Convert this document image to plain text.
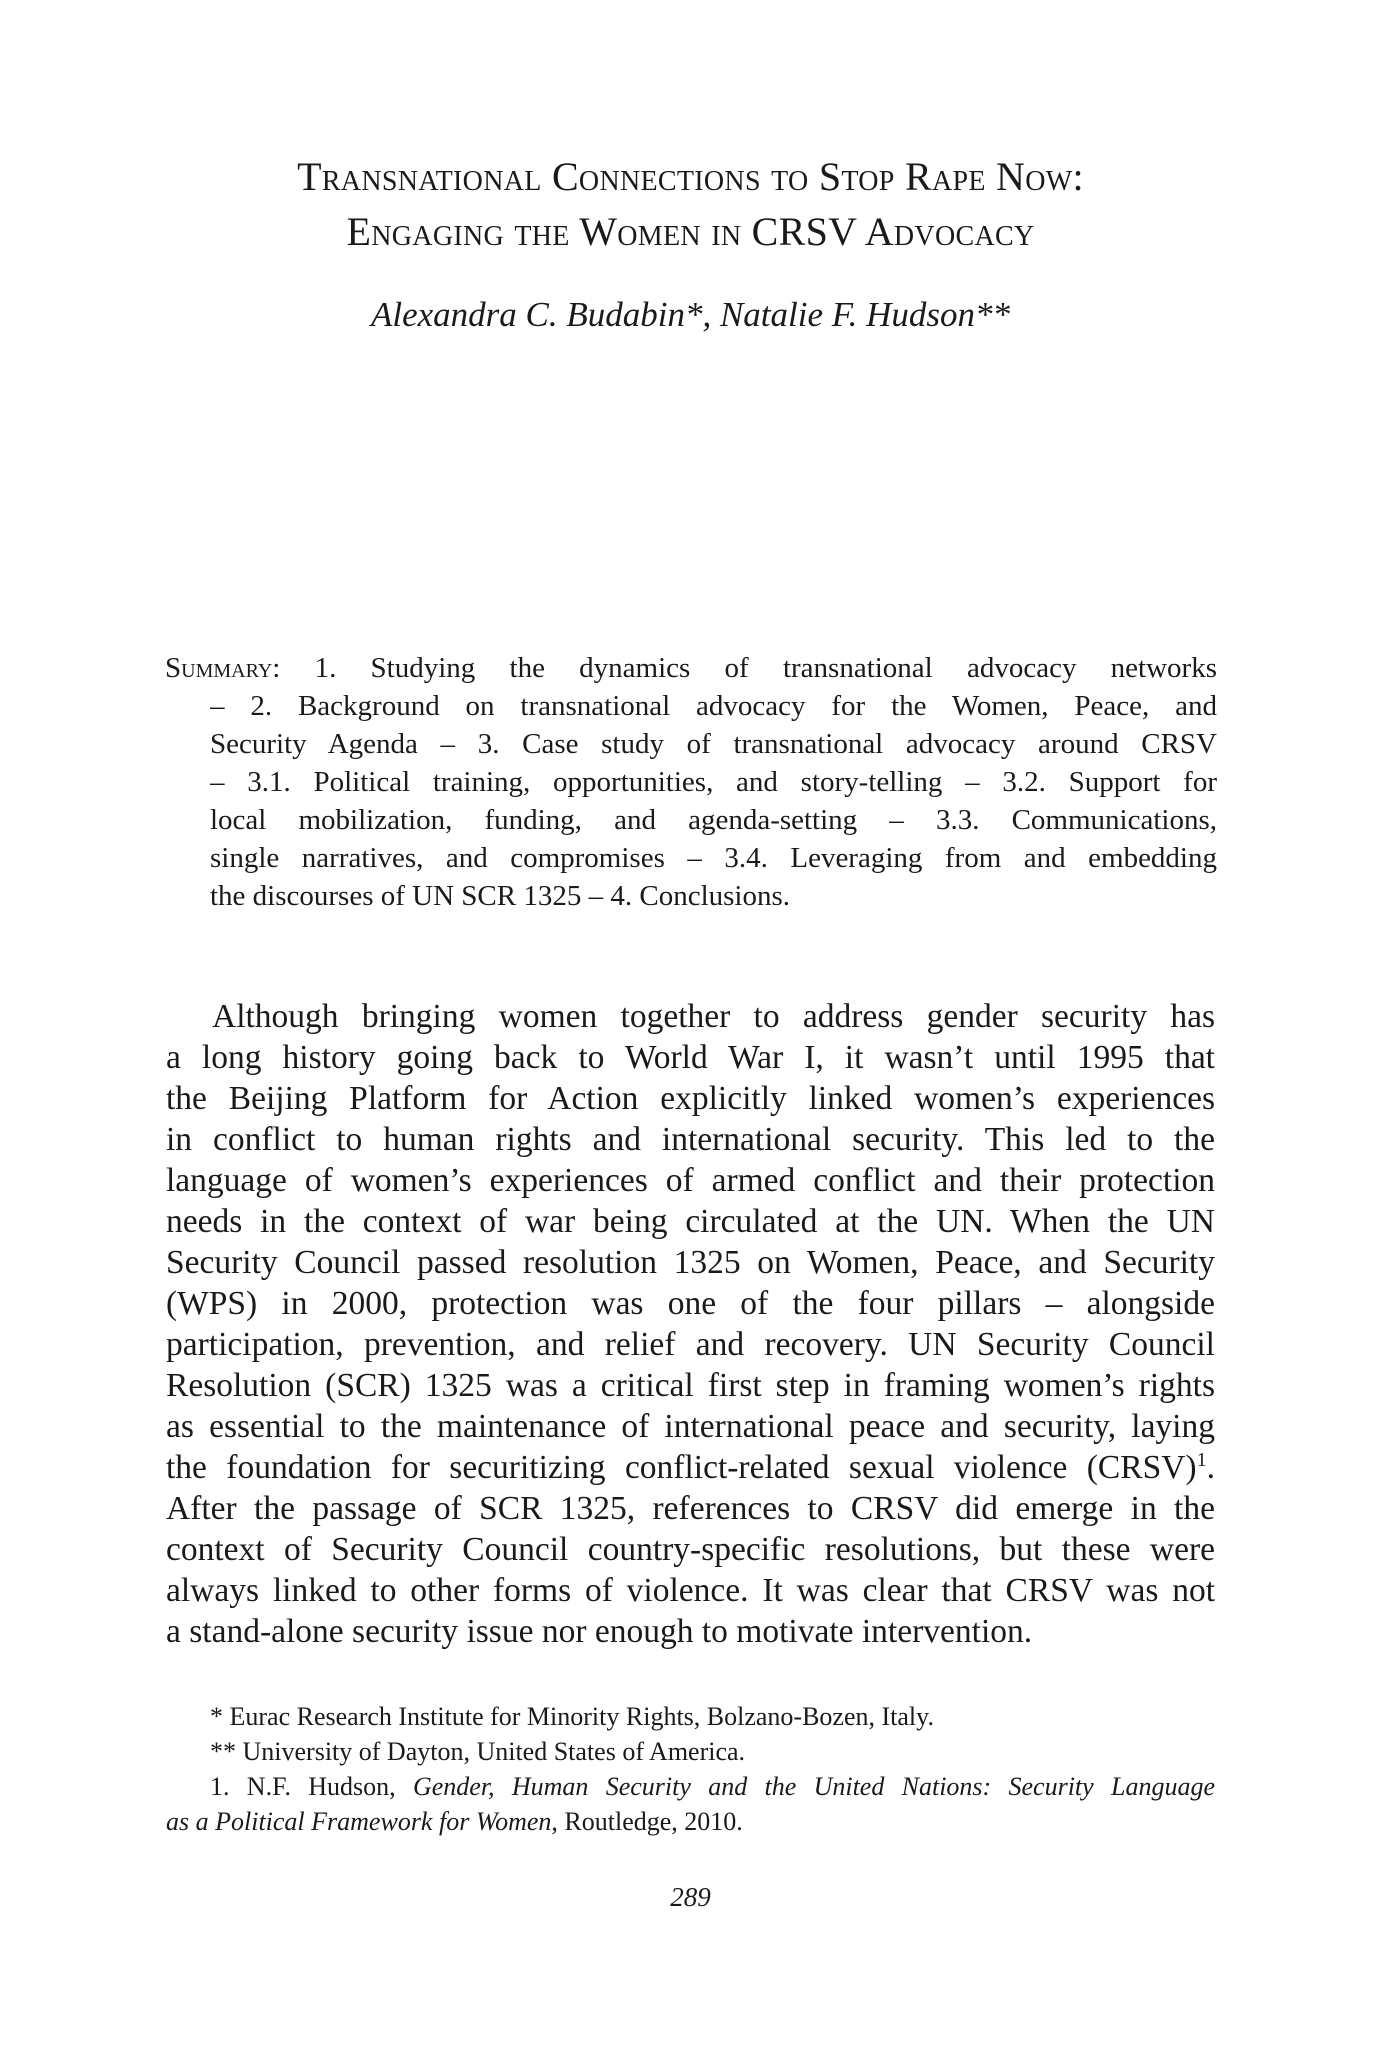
Transnational Connections to Stop Rape Now:
Engaging the Women in CRSV Advocacy
Alexandra C. Budabin*, Natalie F. Hudson**
Summary: 1. Studying the dynamics of transnational advocacy networks
– 2. Background on transnational advocacy for the Women, Peace, and
Security Agenda – 3. Case study of transnational advocacy around CRSV
– 3.1. Political training, opportunities, and story-telling – 3.2. Support for
local mobilization, funding, and agenda-setting – 3.3. Communications,
single narratives, and compromises – 3.4. Leveraging from and embedding
the discourses of UN SCR 1325 – 4. Conclusions.
Although bringing women together to address gender security has
a long history going back to World War I, it wasn’t until 1995 that
the Beijing Platform for Action explicitly linked women’s experiences
in conflict to human rights and international security. This led to the
language of women’s experiences of armed conflict and their protection
needs in the context of war being circulated at the UN. When the UN
Security Council passed resolution 1325 on Women, Peace, and Security
(WPS) in 2000, protection was one of the four pillars – alongside
participation, prevention, and relief and recovery. UN Security Council
Resolution (SCR) 1325 was a critical first step in framing women’s rights
as essential to the maintenance of international peace and security, laying
the foundation for securitizing conflict-related sexual violence (CRSV)$^1$.
After the passage of SCR 1325, references to CRSV did emerge in the
context of Security Council country-specific resolutions, but these were
always linked to other forms of violence. It was clear that CRSV was not
a stand-alone security issue nor enough to motivate intervention.
* Eurac Research Institute for Minority Rights, Bolzano-Bozen, Italy.
** University of Dayton, United States of America.
1. N.F. Hudson, Gender, Human Security and the United Nations: Security Language
as a Political Framework for Women, Routledge, 2010.
289
